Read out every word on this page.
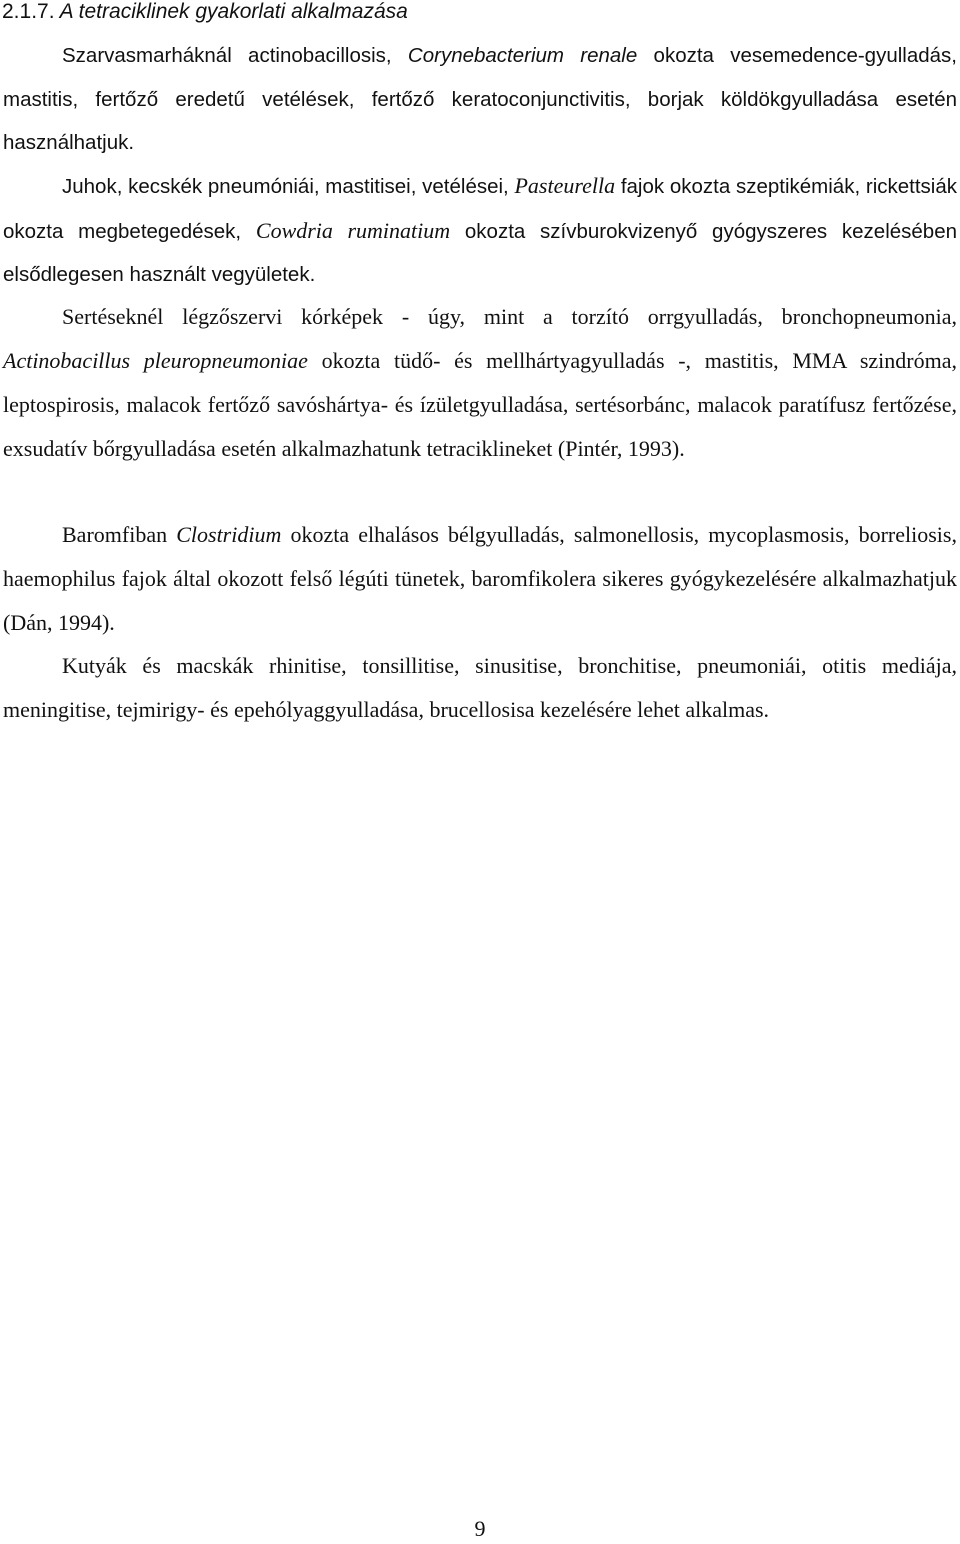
2.1.7. A tetraciklinek gyakorlati alkalmazása

Szarvasmarháknál actinobacillosis, Corynebacterium renale okozta vesemedence-gyulladás, mastitis, fertőző eredetű vetélések, fertőző keratoconjunctivitis, borjak köldökgyulladása esetén használhatjuk.

Juhok, kecskék pneumóniái, mastitisei, vetélései, Pasteurella fajok okozta szeptikémiák, rickettsiák okozta megbetegedések, Cowdria ruminatium okozta szívburokvizenyő gyógyszeres kezelésében elsődlegesen használt vegyületek.

Sertéseknél légzőszervi kórképek - úgy, mint a torzító orrgyulladás, bronchopneumonia, Actinobacillus pleuropneumoniae okozta tüdő- és mellhártyagyulladás -, mastitis, MMA szindróma, leptospirosis, malacok fertőző savóshártya- és ízületgyulladása, sertésorbánc, malacok paratífusz fertőzése, exsudatív bőrgyulladása esetén alkalmazhatunk tetraciklineket (Pintér, 1993).

Baromfiban Clostridium okozta elhalásos bélgyulladás, salmonellosis, mycoplasmosis, borreliosis, haemophilus fajok által okozott felső légúti tünetek, baromfikolera sikeres gyógykezelésére alkalmazhatjuk (Dán, 1994).

Kutyák és macskák rhinitise, tonsillitise, sinusitise, bronchitise, pneumoniái, otitis mediája, meningitise, tejmirigy- és epehólyaggyulladása, brucellosisa kezelésére lehet alkalmas.

9
